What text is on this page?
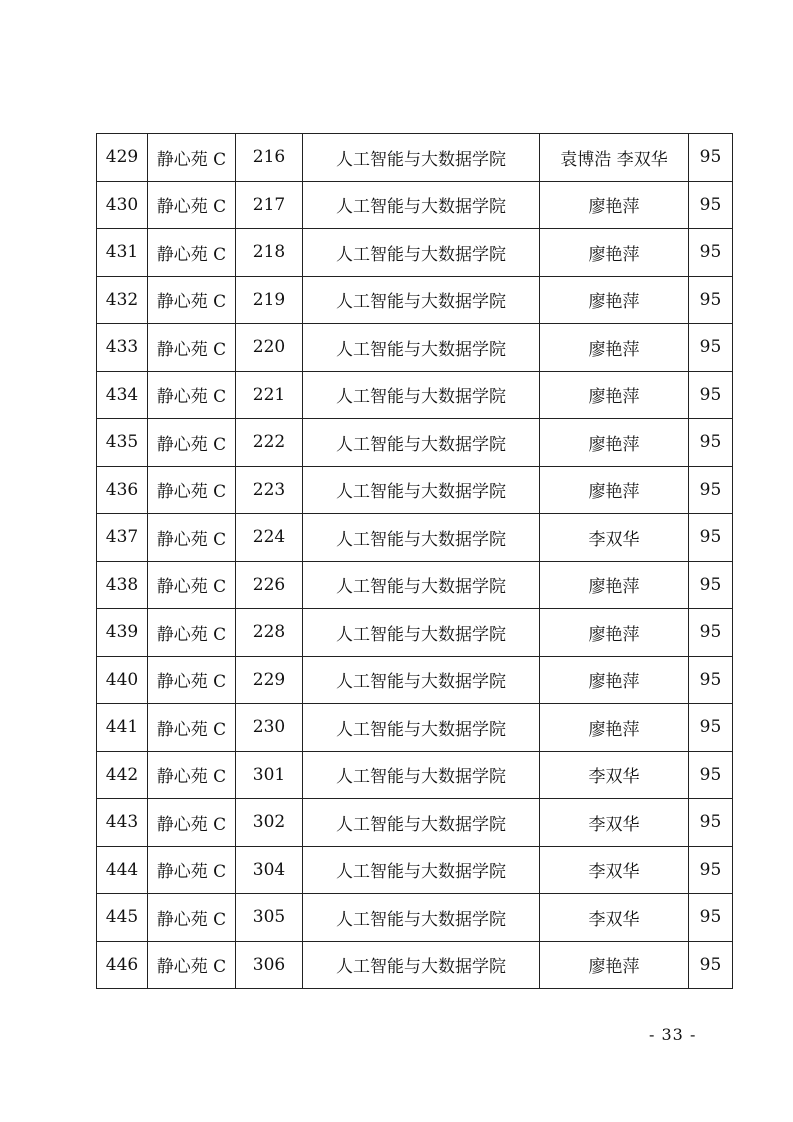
429	静心苑 C	216	人工智能与大数据学院	袁博浩 李双华	95
430	静心苑 C	217	人工智能与大数据学院	廖艳萍	95
431	静心苑 C	218	人工智能与大数据学院	廖艳萍	95
432	静心苑 C	219	人工智能与大数据学院	廖艳萍	95
433	静心苑 C	220	人工智能与大数据学院	廖艳萍	95
434	静心苑 C	221	人工智能与大数据学院	廖艳萍	95
435	静心苑 C	222	人工智能与大数据学院	廖艳萍	95
436	静心苑 C	223	人工智能与大数据学院	廖艳萍	95
437	静心苑 C	224	人工智能与大数据学院	李双华	95
438	静心苑 C	226	人工智能与大数据学院	廖艳萍	95
439	静心苑 C	228	人工智能与大数据学院	廖艳萍	95
440	静心苑 C	229	人工智能与大数据学院	廖艳萍	95
441	静心苑 C	230	人工智能与大数据学院	廖艳萍	95
442	静心苑 C	301	人工智能与大数据学院	李双华	95
443	静心苑 C	302	人工智能与大数据学院	李双华	95
444	静心苑 C	304	人工智能与大数据学院	李双华	95
445	静心苑 C	305	人工智能与大数据学院	李双华	95
446	静心苑 C	306	人工智能与大数据学院	廖艳萍	95
- 33 -
